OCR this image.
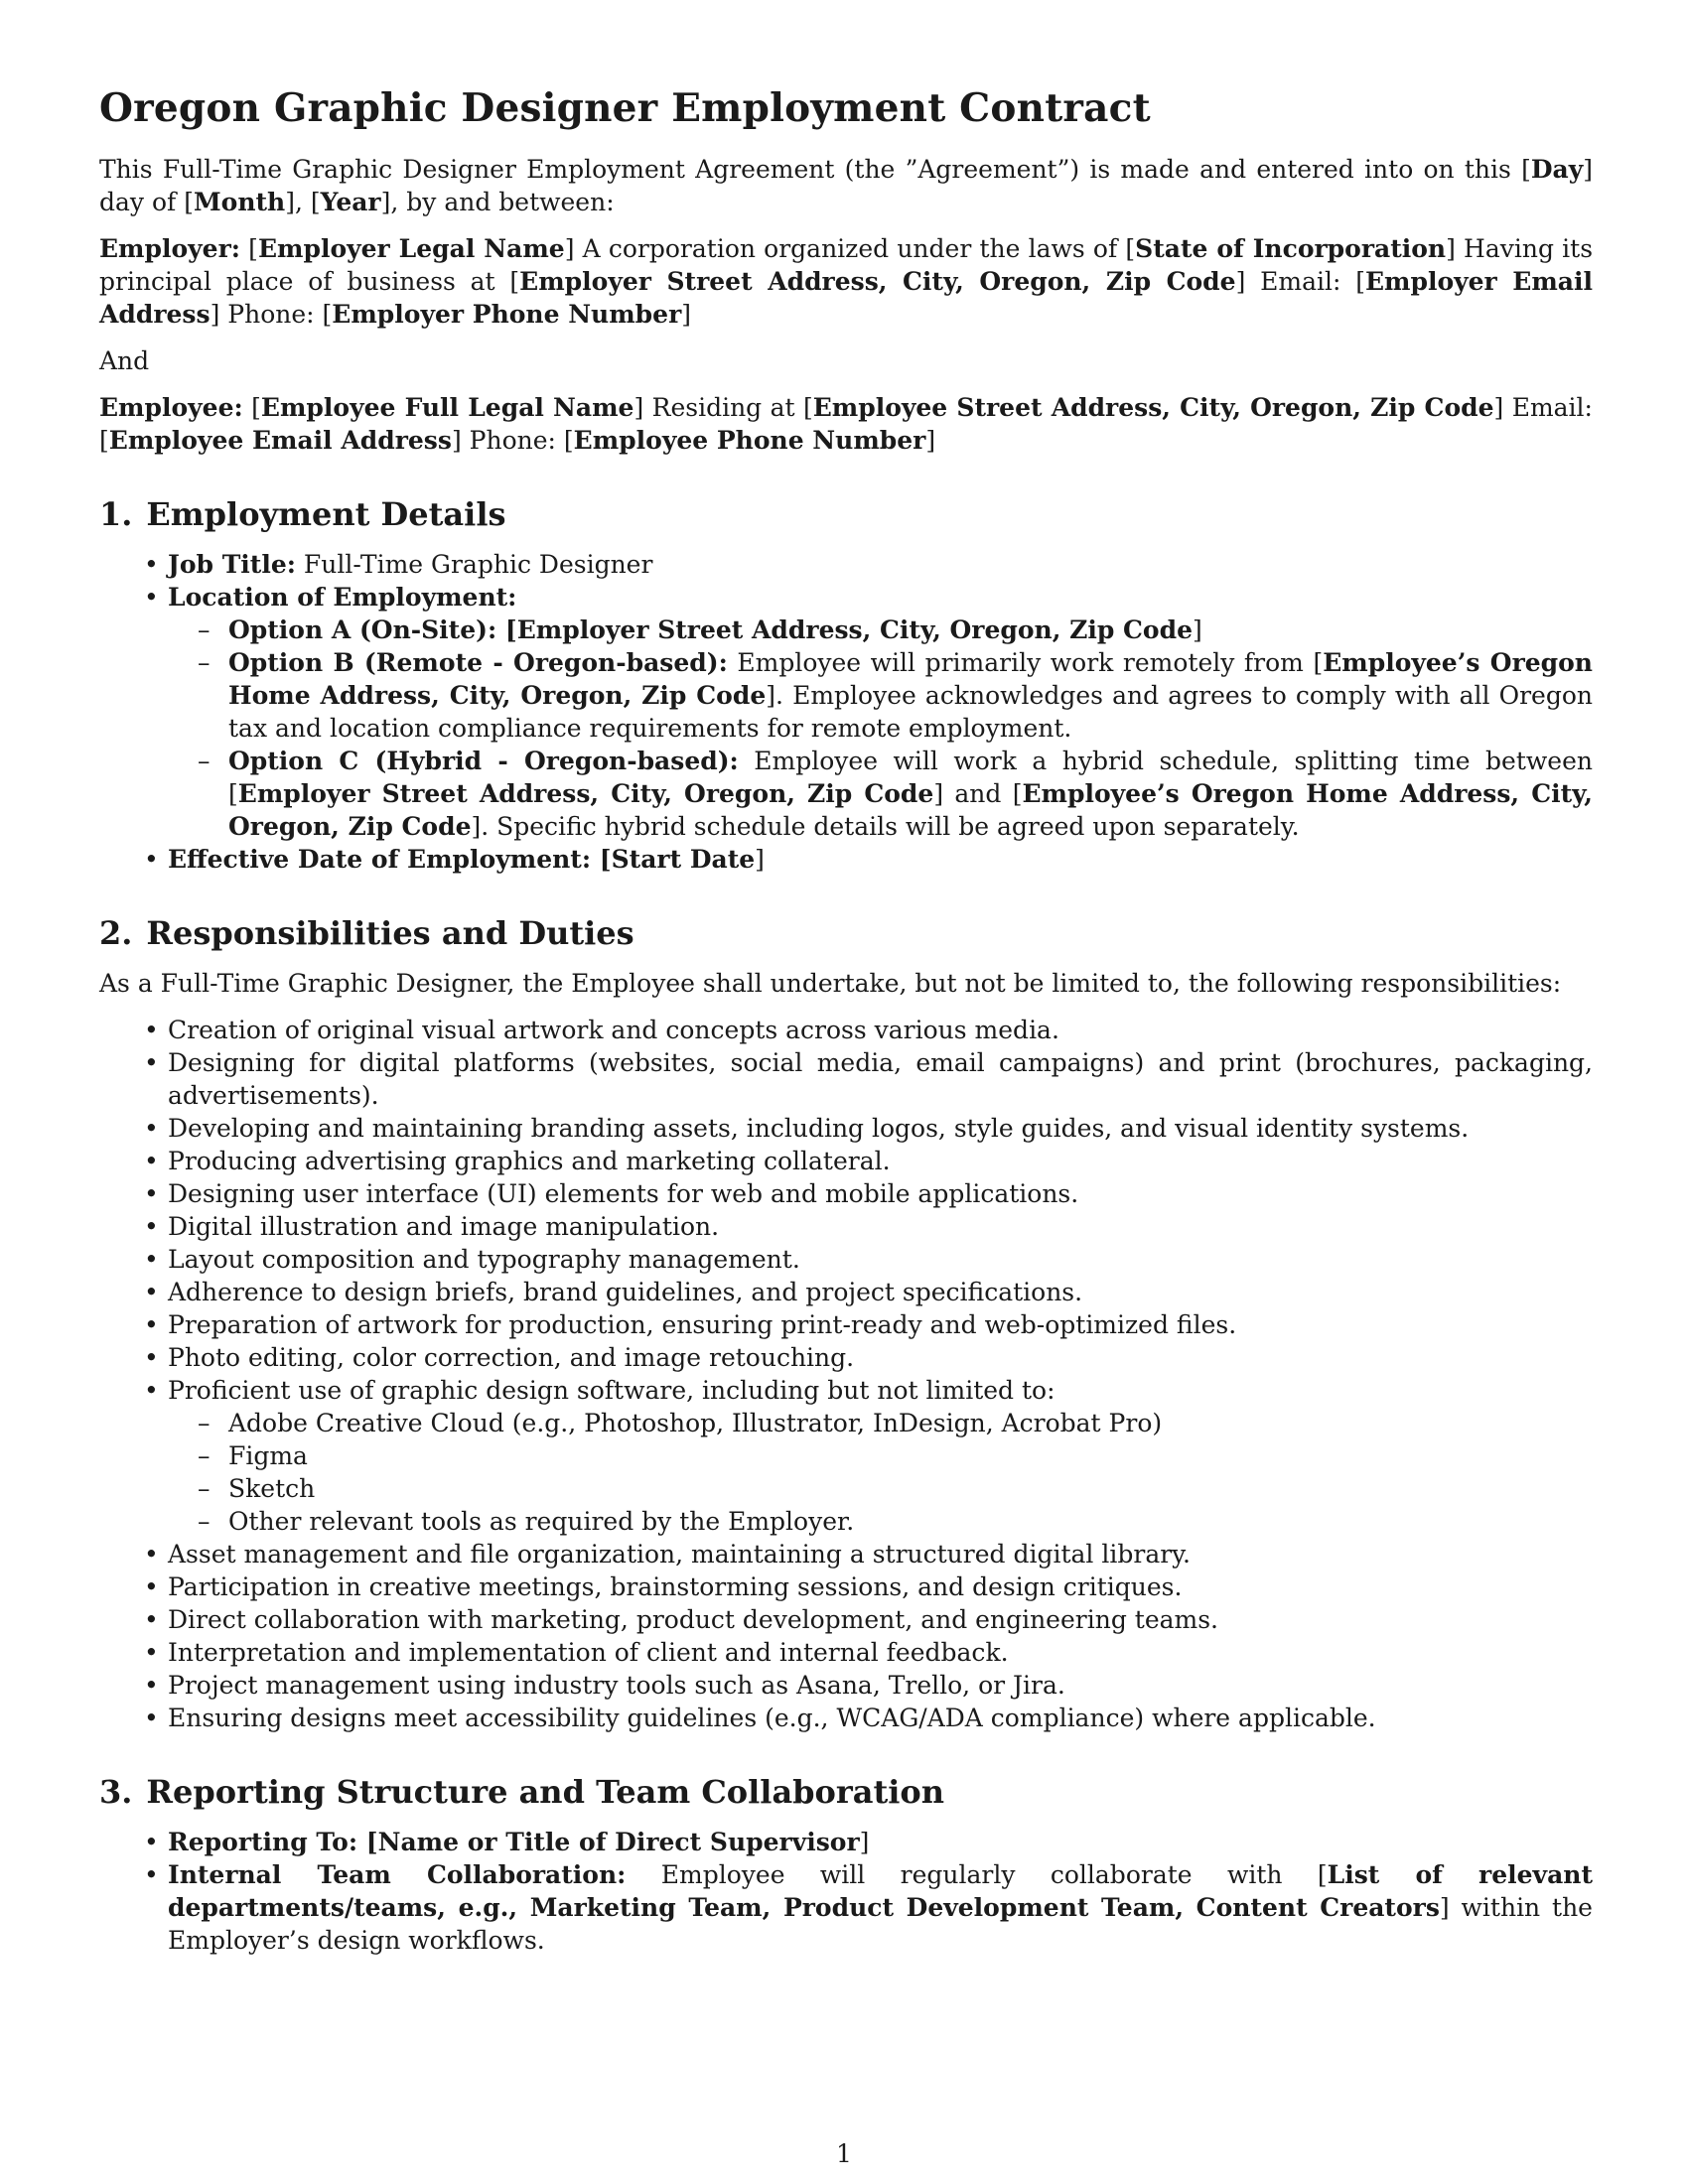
Oregon Graphic Designer Employment Contract

This Full-Time Graphic Designer Employment Agreement (the ”Agreement”) is made and entered into on this [Day] day of [Month], [Year], by and between:

Employer: [Employer Legal Name] A corporation organized under the laws of [State of Incorporation] Having its principal place of business at [Employer Street Address, City, Oregon, Zip Code] Email: [Employer Email Address] Phone: [Employer Phone Number]

And

Employee: [Employee Full Legal Name] Residing at [Employee Street Address, City, Oregon, Zip Code] Email: [Employee Email Address] Phone: [Employee Phone Number]

1. Employment Details
• Job Title: Full-Time Graphic Designer
• Location of Employment:
– Option A (On-Site): [Employer Street Address, City, Oregon, Zip Code]
– Option B (Remote - Oregon-based): Employee will primarily work remotely from [Employee’s Oregon Home Address, City, Oregon, Zip Code]. Employee acknowledges and agrees to comply with all Oregon tax and location compliance requirements for remote employment.
– Option C (Hybrid - Oregon-based): Employee will work a hybrid schedule, splitting time between [Employer Street Address, City, Oregon, Zip Code] and [Employee’s Oregon Home Address, City, Oregon, Zip Code]. Specific hybrid schedule details will be agreed upon separately.
• Effective Date of Employment: [Start Date]
2. Responsibilities and Duties

As a Full-Time Graphic Designer, the Employee shall undertake, but not be limited to, the following responsibilities:

• Creation of original visual artwork and concepts across various media.
• Designing for digital platforms (websites, social media, email campaigns) and print (brochures, packaging, advertisements).
• Developing and maintaining branding assets, including logos, style guides, and visual identity systems.
• Producing advertising graphics and marketing collateral.
• Designing user interface (UI) elements for web and mobile applications.
• Digital illustration and image manipulation.
• Layout composition and typography management.
• Adherence to design briefs, brand guidelines, and project specifications.
• Preparation of artwork for production, ensuring print-ready and web-optimized files.
• Photo editing, color correction, and image retouching.
• Proficient use of graphic design software, including but not limited to:
– Adobe Creative Cloud (e.g., Photoshop, Illustrator, InDesign, Acrobat Pro)
– Figma
– Sketch
– Other relevant tools as required by the Employer.
• Asset management and file organization, maintaining a structured digital library.
• Participation in creative meetings, brainstorming sessions, and design critiques.
• Direct collaboration with marketing, product development, and engineering teams.
• Interpretation and implementation of client and internal feedback.
• Project management using industry tools such as Asana, Trello, or Jira.
• Ensuring designs meet accessibility guidelines (e.g., WCAG/ADA compliance) where applicable.
3. Reporting Structure and Team Collaboration
• Reporting To: [Name or Title of Direct Supervisor]
• Internal Team Collaboration: Employee will regularly collaborate with [List of relevant departments/teams, e.g., Marketing Team, Product Development Team, Content Creators] within the Employer’s design workflows.
1
